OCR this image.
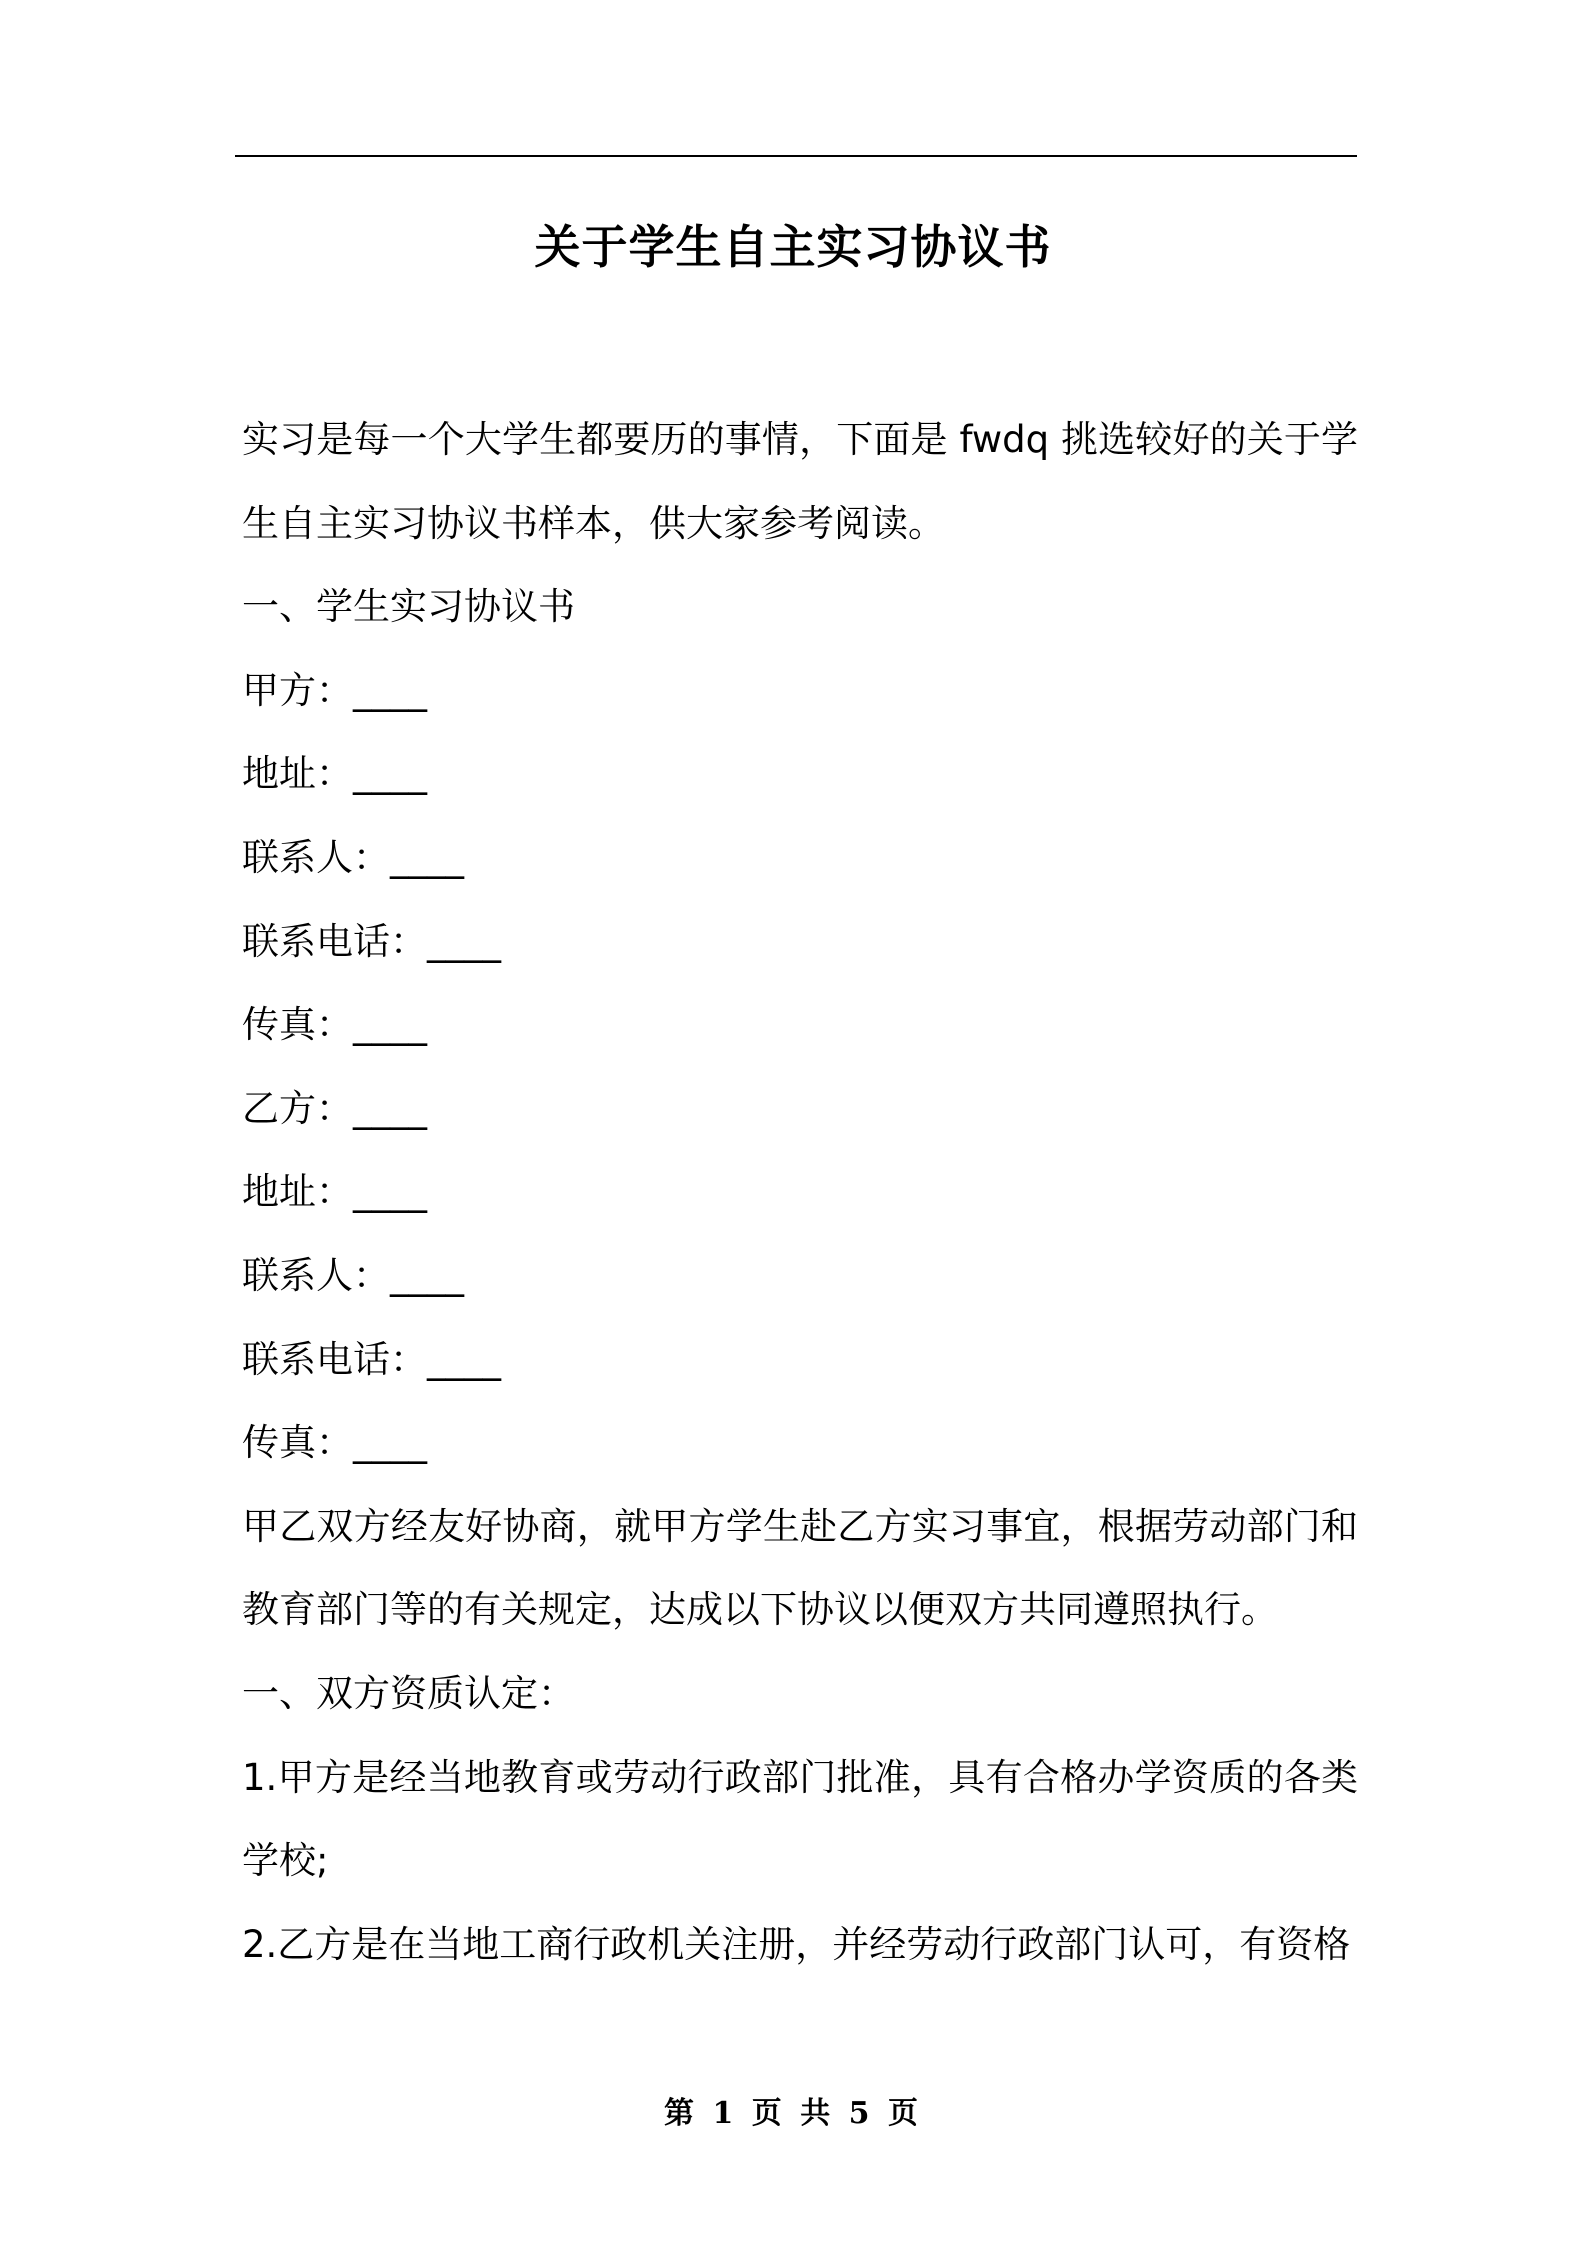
关于学生自主实习协议书

实习是每一个大学生都要历的事情，下面是 fwdq 挑选较好的关于学生自主实习协议书样本，供大家参考阅读。

一、学生实习协议书

甲方：____

地址：____

联系人：____

联系电话：____

传真：____

乙方：____

地址：____

联系人：____

联系电话：____

传真：____

甲乙双方经友好协商，就甲方学生赴乙方实习事宜，根据劳动部门和教育部门等的有关规定，达成以下协议以便双方共同遵照执行。

一、双方资质认定：

1.甲方是经当地教育或劳动行政部门批准，具有合格办学资质的各类学校;

2.乙方是在当地工商行政机关注册，并经劳动行政部门认可，有资格

第 1 页 共 5 页
